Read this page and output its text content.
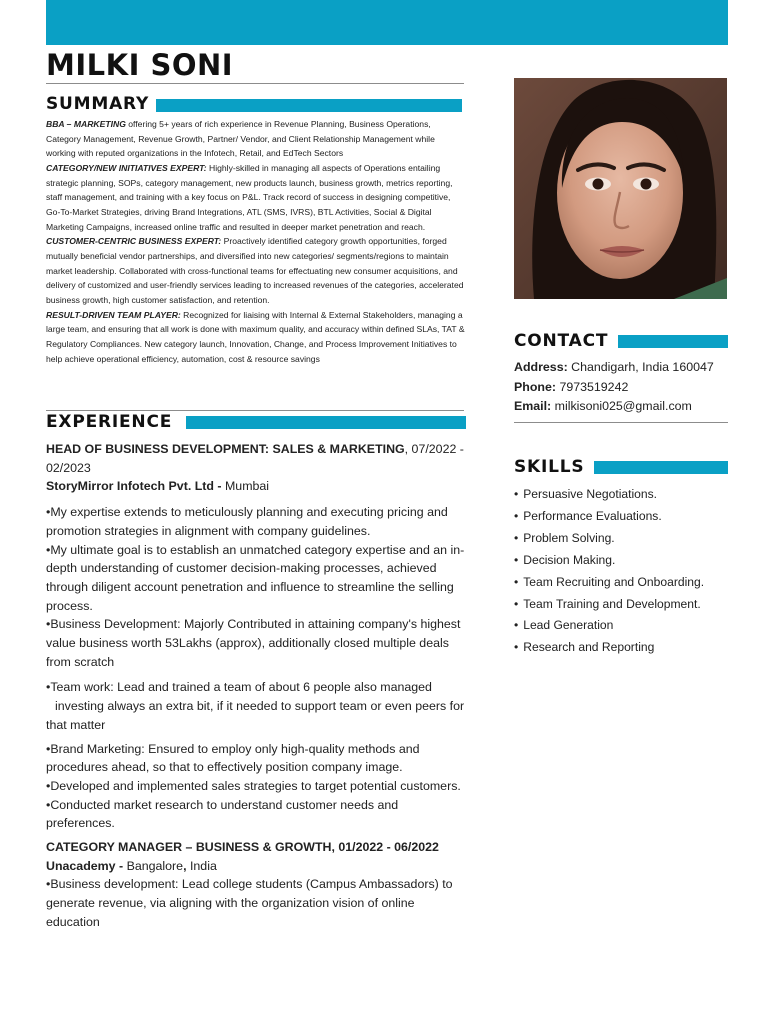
MILKI SONI
SUMMARY

BBA – MARKETING offering 5+ years of rich experience in Revenue Planning, Business Operations, Category Management, Revenue Growth, Partner/ Vendor, and Client Relationship Management while working with reputed organizations in the Infotech, Retail, and EdTech Sectors

CATEGORY/NEW INITIATIVES EXPERT: Highly-skilled in managing all aspects of Operations entailing strategic planning, SOPs, category management, new products launch, business growth, metrics reporting, staff management, and training with a key focus on P&L. Track record of success in designing competitive, Go-To-Market Strategies, driving Brand Integrations, ATL (SMS, IVRS), BTL Activities, Social & Digital Marketing Campaigns, increased online traffic and resulted in deeper market penetration and reach.

CUSTOMER-CENTRIC BUSINESS EXPERT: Proactively identified category growth opportunities, forged mutually beneficial vendor partnerships, and diversified into new categories/ segments/regions to maintain market leadership. Collaborated with cross-functional teams for effectuating new consumer acquisitions, and delivery of customized and user-friendly services leading to increased revenues of the categories, accelerated business growth, high customer satisfaction, and retention.

RESULT-DRIVEN TEAM PLAYER: Recognized for liaising with Internal & External Stakeholders, managing a large team, and ensuring that all work is done with maximum quality, and accuracy within defined SLAs, TAT & Regulatory Compliances. New category launch, Innovation, Change, and Process Improvement Initiatives to help achieve operational efficiency, automation, cost & resource savings

EXPERIENCE

HEAD OF BUSINESS DEVELOPMENT: SALES & MARKETING, 07/2022 - 02/2023

StoryMirror Infotech Pvt. Ltd - Mumbai

•My expertise extends to meticulously planning and executing pricing and promotion strategies in alignment with company guidelines.

•My ultimate goal is to establish an unmatched category expertise and an in-depth understanding of customer decision-making processes, achieved through diligent account penetration and influence to streamline the selling process.

•Business Development: Majorly Contributed in attaining company's highest value business worth 53Lakhs (approx), additionally closed multiple deals from scratch

•Team work: Lead and trained a team of about 6 people also managed
investing always an extra bit, if it needed to support team or even peers for that matter

•Brand Marketing: Ensured to employ only high-quality methods and procedures ahead, so that to effectively position company image.

•Developed and implemented sales strategies to target potential customers.

•Conducted market research to understand customer needs and preferences.

CATEGORY MANAGER – BUSINESS & GROWTH, 01/2022 - 06/2022

Unacademy - Bangalore, India

•Business development: Lead college students (Campus Ambassadors) to generate revenue, via aligning with the organization vision of online education

CONTACT
Address: Chandigarh, India 160047
Phone: 7973519242
Email: milkisoni025@gmail.com
SKILLS
• Persuasive Negotiations.
• Performance Evaluations.
• Problem Solving.
• Decision Making.
• Team Recruiting and Onboarding.
• Team Training and Development.
• Lead Generation
• Research and Reporting
